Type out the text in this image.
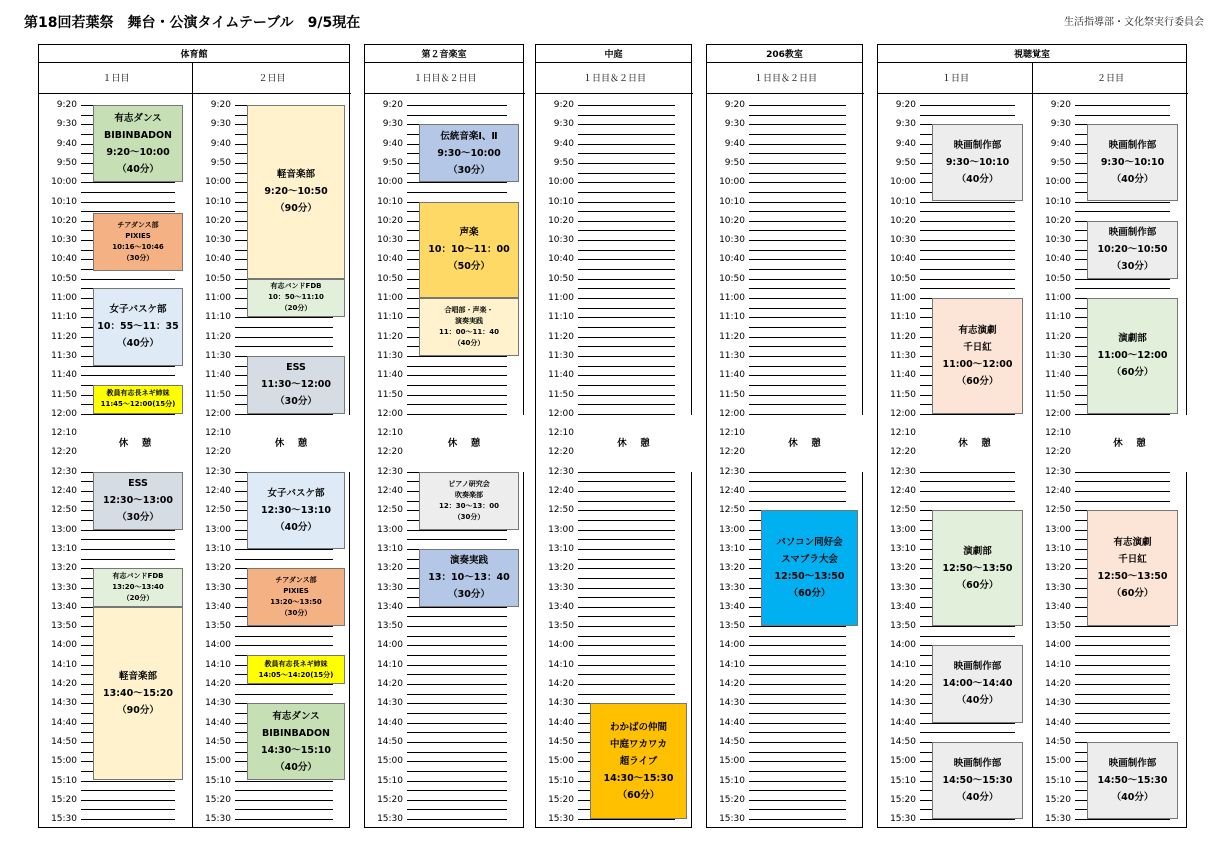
第18回若葉祭　舞台・公演タイムテーブル　9/5現在	生活指導部・文化祭実行委員会
体育館
１日目
9:20
9:30
9:40
9:50
10:00
10:10
10:20
10:30
10:40
10:50
11:00
11:10
11:20
11:30
11:40
11:50
12:00
12:10
12:20
12:30
12:40
12:50
13:00
13:10
13:20
13:30
13:40
13:50
14:00
14:10
14:20
14:30
14:40
14:50
15:00
15:10
15:20
15:30
休　憩
有志ダンス
BIBINBADON
9:20～10:00
（40分）
チアダンス部
PIXIES
10:16～10:46
（30分）
女子バスケ部
10：55～11：35
（40分）
教員有志長ネギ姉妹
11:45～12:00(15分)
ESS
12:30～13:00
（30分）
有志バンドFDB
13:20～13:40
（20分）
軽音楽部
13:40～15:20
（90分）
２日目
9:20
9:30
9:40
9:50
10:00
10:10
10:20
10:30
10:40
10:50
11:00
11:10
11:20
11:30
11:40
11:50
12:00
12:10
12:20
12:30
12:40
12:50
13:00
13:10
13:20
13:30
13:40
13:50
14:00
14:10
14:20
14:30
14:40
14:50
15:00
15:10
15:20
15:30
休　憩
軽音楽部
9:20～10:50
（90分）
有志バンドFDB
10：50～11:10
（20分）
ESS
11:30～12:00
（30分）
女子バスケ部
12:30～13:10
（40分）
チアダンス部
PIXIES
13:20～13:50
（30分）
教員有志長ネギ姉妹
14:05～14:20(15分)
有志ダンス
BIBINBADON
14:30～15:10
（40分）
第２音楽室
１日目＆２日目
9:20
9:30
9:40
9:50
10:00
10:10
10:20
10:30
10:40
10:50
11:00
11:10
11:20
11:30
11:40
11:50
12:00
12:10
12:20
12:30
12:40
12:50
13:00
13:10
13:20
13:30
13:40
13:50
14:00
14:10
14:20
14:30
14:40
14:50
15:00
15:10
15:20
15:30
休　憩
伝統音楽Ⅰ、Ⅱ
9:30～10:00
（30分）
声楽
10：10～11：00
（50分）
合唱部・声楽・
演奏実践
11：00～11：40
（40分）
ピアノ研究会
吹奏楽部
12：30～13：00
（30分）
演奏実践
13：10～13：40
（30分）
中庭
１日目＆２日目
9:20
9:30
9:40
9:50
10:00
10:10
10:20
10:30
10:40
10:50
11:00
11:10
11:20
11:30
11:40
11:50
12:00
12:10
12:20
12:30
12:40
12:50
13:00
13:10
13:20
13:30
13:40
13:50
14:00
14:10
14:20
14:30
14:40
14:50
15:00
15:10
15:20
15:30
休　憩
わかばの仲間
中庭ワカワカ
超ライブ
14:30～15:30
（60分）
206教室
１日目＆２日目
9:20
9:30
9:40
9:50
10:00
10:10
10:20
10:30
10:40
10:50
11:00
11:10
11:20
11:30
11:40
11:50
12:00
12:10
12:20
12:30
12:40
12:50
13:00
13:10
13:20
13:30
13:40
13:50
14:00
14:10
14:20
14:30
14:40
14:50
15:00
15:10
15:20
15:30
休　憩
パソコン同好会
スマブラ大会
12:50～13:50
（60分）
視聴覚室
１日目
9:20
9:30
9:40
9:50
10:00
10:10
10:20
10:30
10:40
10:50
11:00
11:10
11:20
11:30
11:40
11:50
12:00
12:10
12:20
12:30
12:40
12:50
13:00
13:10
13:20
13:30
13:40
13:50
14:00
14:10
14:20
14:30
14:40
14:50
15:00
15:10
15:20
15:30
休　憩
映画制作部
9:30～10:10
（40分）
有志演劇
千日紅
11:00～12:00
（60分）
演劇部
12:50～13:50
（60分）
映画制作部
14:00～14:40
（40分）
映画制作部
14:50～15:30
（40分）
２日目
9:20
9:30
9:40
9:50
10:00
10:10
10:20
10:30
10:40
10:50
11:00
11:10
11:20
11:30
11:40
11:50
12:00
12:10
12:20
12:30
12:40
12:50
13:00
13:10
13:20
13:30
13:40
13:50
14:00
14:10
14:20
14:30
14:40
14:50
15:00
15:10
15:20
15:30
休　憩
映画制作部
9:30～10:10
（40分）
映画制作部
10:20～10:50
（30分）
演劇部
11:00～12:00
（60分）
有志演劇
千日紅
12:50～13:50
（60分）
映画制作部
14:50～15:30
（40分）
